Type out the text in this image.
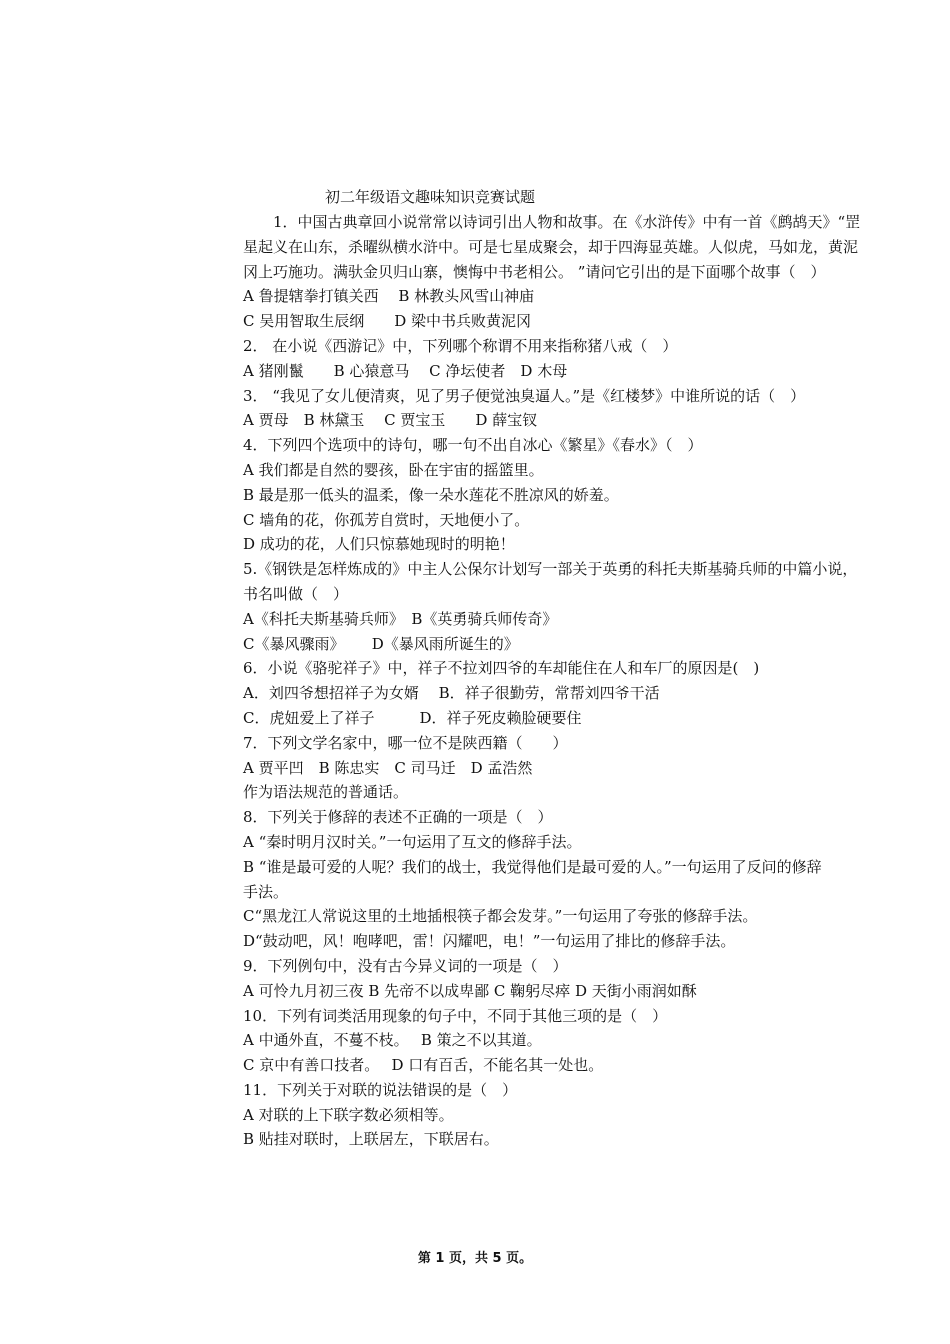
初二年级语文趣味知识竞赛试题
　　1．中国古典章回小说常常以诗词引出人物和故事。在《水浒传》中有一首《鹧鸪天》“罡
星起义在山东，杀曜纵横水浒中。可是七星成聚会，却于四海显英雄。人似虎，马如龙，黄泥
冈上巧施功。满驮金贝归山寨，懊悔中书老相公。 ”请问它引出的是下面哪个故事（　）
A 鲁提辖拳打镇关西　 B 林教头风雪山神庙
C 吴用智取生辰纲　　D 梁中书兵败黄泥冈
2． 在小说《西游记》中，下列哪个称谓不用来指称猪八戒（　）
A 猪刚鬣　　B 心猿意马　 C 净坛使者　D 木母
3． “我见了女儿便清爽，见了男子便觉浊臭逼人。”是《红楼梦》中谁所说的话（　）
A 贾母　B 林黛玉　 C 贾宝玉　　D 薛宝钗
4．下列四个选项中的诗句，哪一句不出自冰心《繁星》《春水》（　）
A 我们都是自然的婴孩，卧在宇宙的摇篮里。
B 最是那一低头的温柔，像一朵水莲花不胜凉风的娇羞。
C 墙角的花，你孤芳自赏时，天地便小了。
D 成功的花，人们只惊慕她现时的明艳！
5.《钢铁是怎样炼成的》中主人公保尔计划写一部关于英勇的科托夫斯基骑兵师的中篇小说，
书名叫做（　）
A《科托夫斯基骑兵师》　B《英勇骑兵师传奇》
C《暴风骤雨》　　 D《暴风雨所诞生的》
6．小说《骆驼祥子》中，祥子不拉刘四爷的车却能住在人和车厂的原因是(　)
A．刘四爷想招祥子为女婿　 B．祥子很勤劳，常帮刘四爷干活
C．虎妞爱上了祥子　　　D．祥子死皮赖脸硬要住
7．下列文学名家中，哪一位不是陕西籍（　　）
A 贾平凹　B 陈忠实　C 司马迁　D 孟浩然
作为语法规范的普通话。
8．下列关于修辞的表述不正确的一项是（　）
A “秦时明月汉时关。”一句运用了互文的修辞手法。
B “谁是最可爱的人呢？我们的战士，我觉得他们是最可爱的人。”一句运用了反问的修辞
手法。
C“黑龙江人常说这里的土地插根筷子都会发芽。”一句运用了夸张的修辞手法。
D“鼓动吧，风！咆哮吧，雷！闪耀吧，电！”一句运用了排比的修辞手法。
9．下列例句中，没有古今异义词的一项是（　）
A 可怜九月初三夜 B 先帝不以成卑鄙 C 鞠躬尽瘁 D 天街小雨润如酥
10．下列有词类活用现象的句子中，不同于其他三项的是（　）
A 中通外直，不蔓不枝。　 B 策之不以其道。
C 京中有善口技者。　 D 口有百舌，不能名其一处也。
11．下列关于对联的说法错误的是（　）
A 对联的上下联字数必须相等。
B 贴挂对联时，上联居左，下联居右。
第 1 页，共 5 页。
